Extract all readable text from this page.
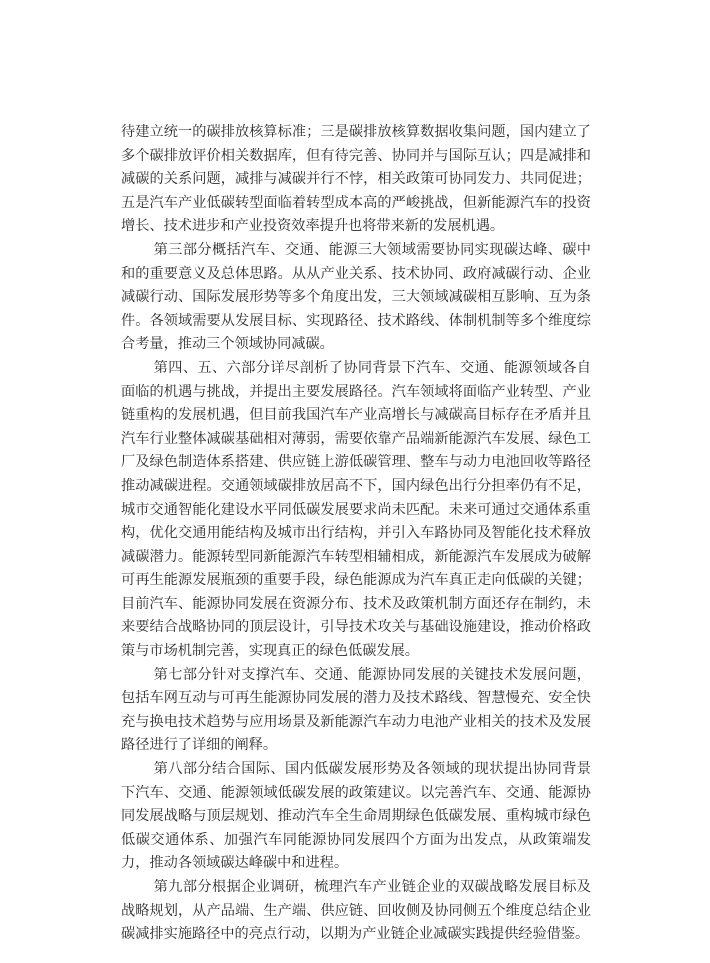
待建立统一的碳排放核算标准；三是碳排放核算数据收集问题，国内建立了多个碳排放评价相关数据库，但有待完善、协同并与国际互认；四是减排和减碳的关系问题，减排与减碳并行不悖，相关政策可协同发力、共同促进；五是汽车产业低碳转型面临着转型成本高的严峻挑战，但新能源汽车的投资增长、技术进步和产业投资效率提升也将带来新的发展机遇。

第三部分概括汽车、交通、能源三大领域需要协同实现碳达峰、碳中和的重要意义及总体思路。从从产业关系、技术协同、政府减碳行动、企业减碳行动、国际发展形势等多个角度出发，三大领域减碳相互影响、互为条件。各领域需要从发展目标、实现路径、技术路线、体制机制等多个维度综合考量，推动三个领域协同减碳。

第四、五、六部分详尽剖析了协同背景下汽车、交通、能源领域各自面临的机遇与挑战，并提出主要发展路径。汽车领域将面临产业转型、产业链重构的发展机遇，但目前我国汽车产业高增长与减碳高目标存在矛盾并且汽车行业整体减碳基础相对薄弱，需要依靠产品端新能源汽车发展、绿色工厂及绿色制造体系搭建、供应链上游低碳管理、整车与动力电池回收等路径推动减碳进程。交通领域碳排放居高不下，国内绿色出行分担率仍有不足，城市交通智能化建设水平同低碳发展要求尚未匹配。未来可通过交通体系重构，优化交通用能结构及城市出行结构，并引入车路协同及智能化技术释放减碳潜力。能源转型同新能源汽车转型相辅相成，新能源汽车发展成为破解可再生能源发展瓶颈的重要手段，绿色能源成为汽车真正走向低碳的关键；目前汽车、能源协同发展在资源分布、技术及政策机制方面还存在制约，未来要结合战略协同的顶层设计，引导技术攻关与基础设施建设，推动价格政策与市场机制完善，实现真正的绿色低碳发展。

第七部分针对支撑汽车、交通、能源协同发展的关键技术发展问题，包括车网互动与可再生能源协同发展的潜力及技术路线、智慧慢充、安全快充与换电技术趋势与应用场景及新能源汽车动力电池产业相关的技术及发展路径进行了详细的阐释。

第八部分结合国际、国内低碳发展形势及各领域的现状提出协同背景下汽车、交通、能源领域低碳发展的政策建议。以完善汽车、交通、能源协同发展战略与顶层规划、推动汽车全生命周期绿色低碳发展、重构城市绿色低碳交通体系、加强汽车同能源协同发展四个方面为出发点，从政策端发力，推动各领域碳达峰碳中和进程。

第九部分根据企业调研，梳理汽车产业链企业的双碳战略发展目标及战略规划，从产品端、生产端、供应链、回收侧及协同侧五个维度总结企业碳减排实施路径中的亮点行动，以期为产业链企业减碳实践提供经验借鉴。
